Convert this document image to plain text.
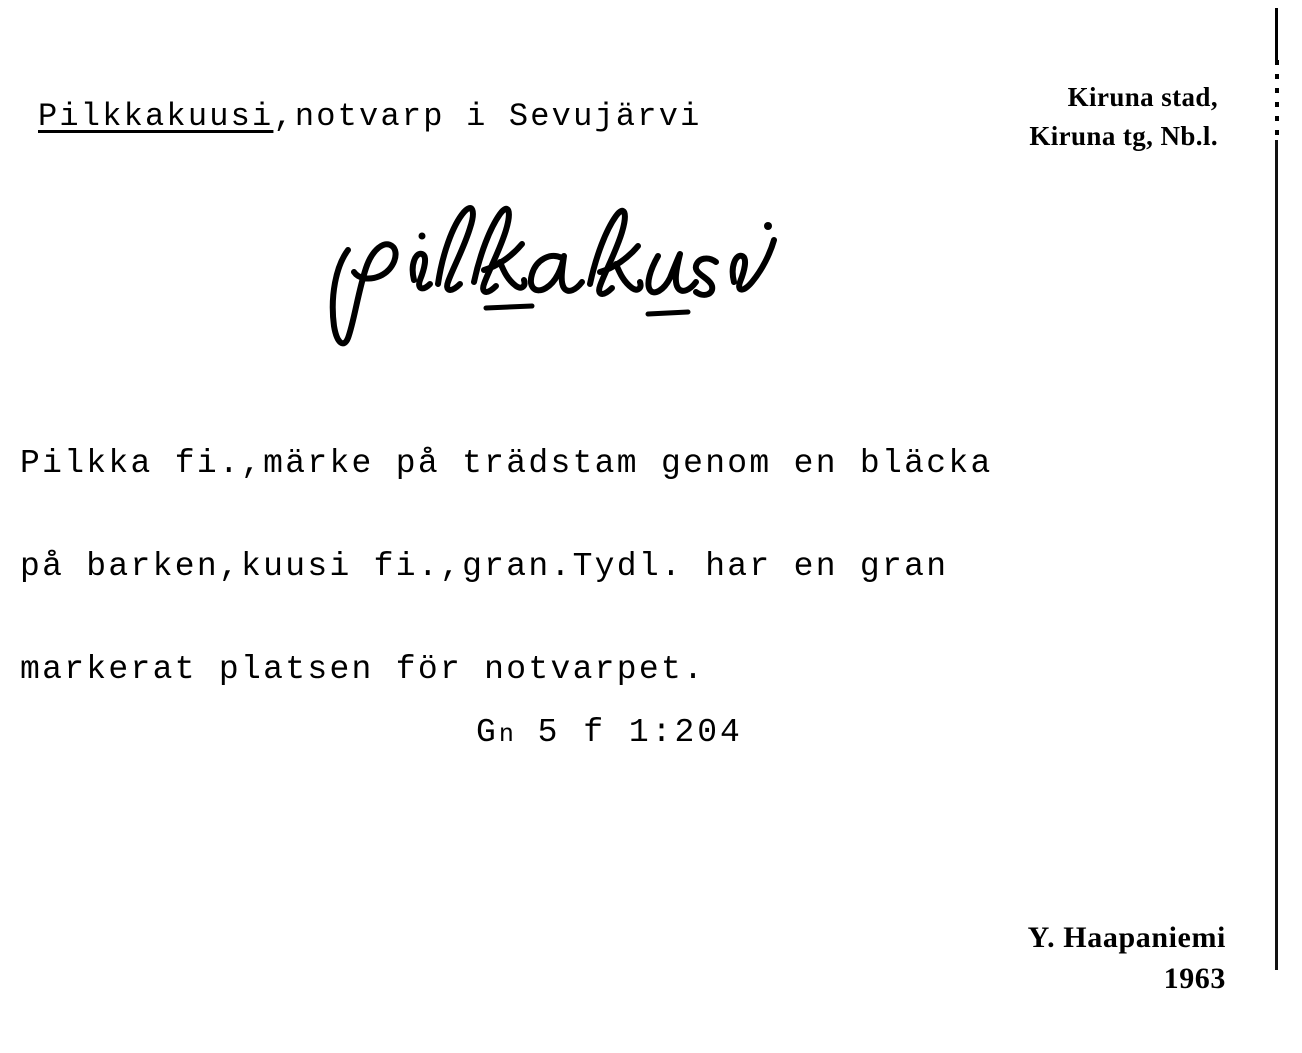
Pilkkakuusi,notvarp i Sevujärvi
Kiruna stad,
Kiruna tg, Nb.l.
Pilkka fi.,märke på trädstam genom en bläcka
på barken,kuusi fi.,gran.Tydl. har en gran
markerat platsen för notvarpet.
Gn 5 f 1:204
Y. Haapaniemi
1963
